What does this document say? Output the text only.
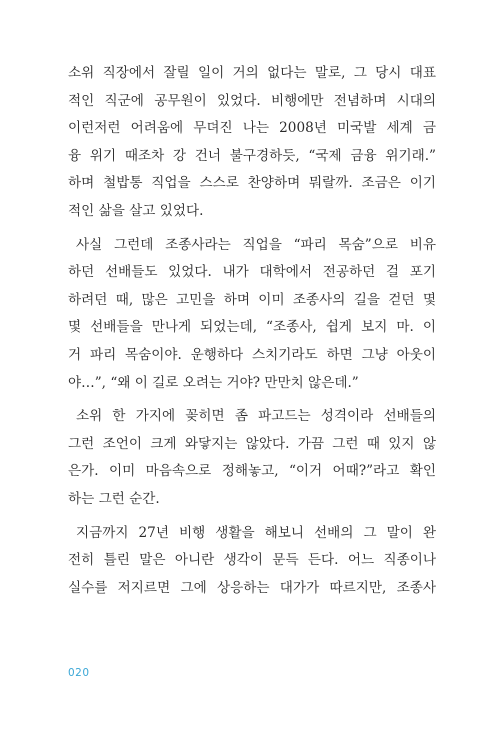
소위 직장에서 잘릴 일이 거의 없다는 말로, 그 당시 대표
적인 직군에 공무원이 있었다. 비행에만 전념하며 시대의
이런저런 어려움에 무뎌진 나는 2008년 미국발 세계 금
융 위기 때조차 강 건너 불구경하듯, “국제 금융 위기래.”
하며 철밥통 직업을 스스로 찬양하며 뭐랄까. 조금은 이기
적인 삶을 살고 있었다.

사실 그런데 조종사라는 직업을 “파리 목숨”으로 비유
하던 선배들도 있었다. 내가 대학에서 전공하던 걸 포기
하려던 때, 많은 고민을 하며 이미 조종사의 길을 걷던 몇
몇 선배들을 만나게 되었는데, “조종사, 쉽게 보지 마. 이
거 파리 목숨이야. 운행하다 스치기라도 하면 그냥 아웃이
야…”, “왜 이 길로 오려는 거야? 만만치 않은데.”

소위 한 가지에 꽂히면 좀 파고드는 성격이라 선배들의
그런 조언이 크게 와닿지는 않았다. 가끔 그런 때 있지 않
은가. 이미 마음속으로 정해놓고, “이거 어때?”라고 확인
하는 그런 순간.

지금까지 27년 비행 생활을 해보니 선배의 그 말이 완
전히 틀린 말은 아니란 생각이 문득 든다. 어느 직종이나
실수를 저지르면 그에 상응하는 대가가 따르지만, 조종사

020
